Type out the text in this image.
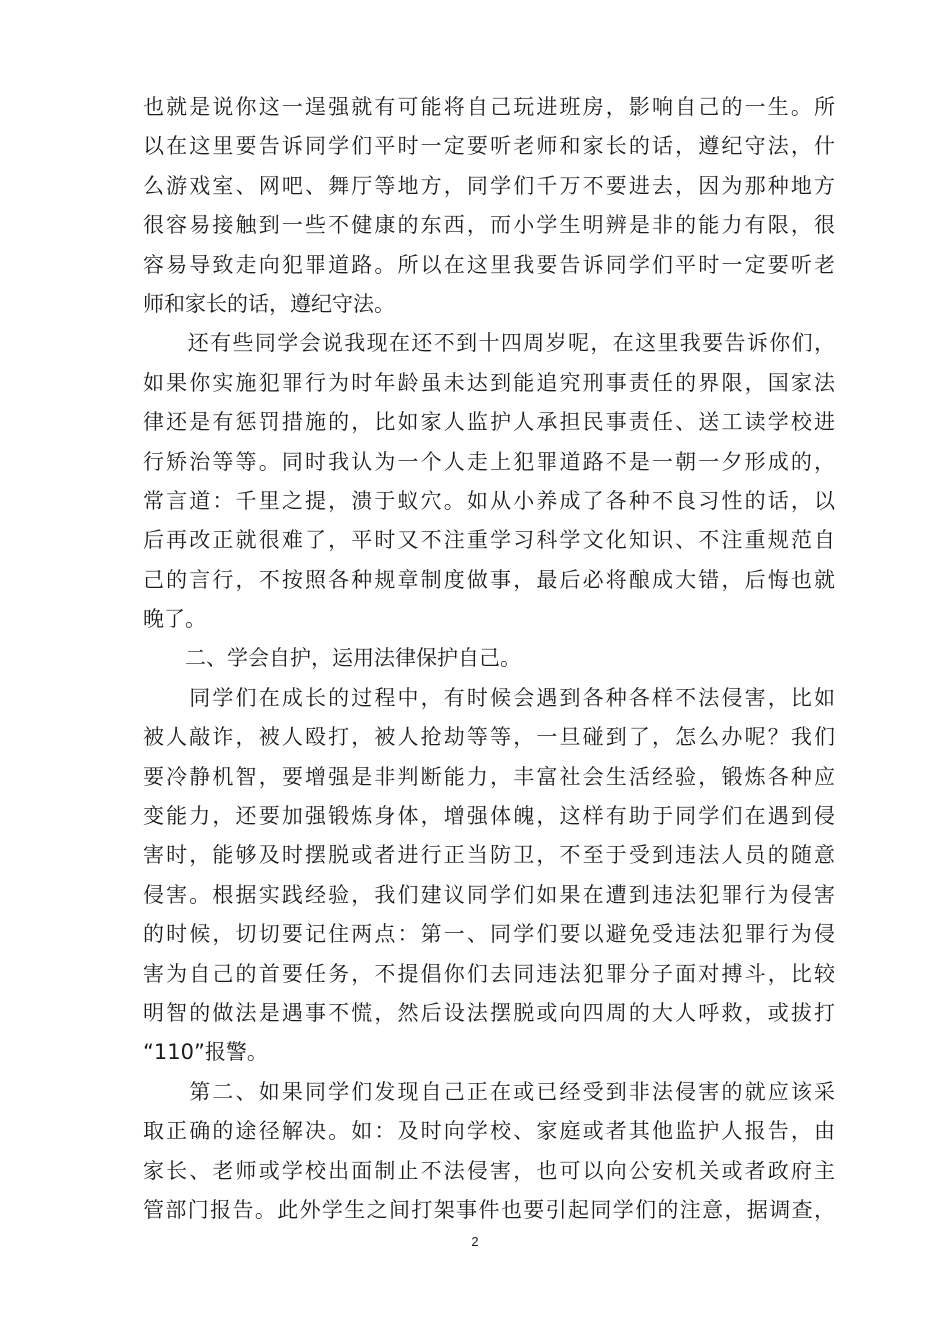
也就是说你这一逞强就有可能将自己玩进班房，影响自己的一生。所
以在这里要告诉同学们平时一定要听老师和家长的话，遵纪守法，什
么游戏室、网吧、舞厅等地方，同学们千万不要进去，因为那种地方
很容易接触到一些不健康的东西，而小学生明辨是非的能力有限，很
容易导致走向犯罪道路。所以在这里我要告诉同学们平时一定要听老
师和家长的话，遵纪守法。
　　还有些同学会说我现在还不到十四周岁呢，在这里我要告诉你们，
如果你实施犯罪行为时年龄虽未达到能追究刑事责任的界限，国家法
律还是有惩罚措施的，比如家人监护人承担民事责任、送工读学校进
行矫治等等。同时我认为一个人走上犯罪道路不是一朝一夕形成的，
常言道：千里之提，溃于蚁穴。如从小养成了各种不良习性的话，以
后再改正就很难了，平时又不注重学习科学文化知识、不注重规范自
己的言行，不按照各种规章制度做事，最后必将酿成大错，后悔也就
晚了。
　　二、学会自护，运用法律保护自己。
　　同学们在成长的过程中，有时候会遇到各种各样不法侵害，比如
被人敲诈，被人殴打，被人抢劫等等，一旦碰到了，怎么办呢？我们
要冷静机智，要增强是非判断能力，丰富社会生活经验，锻炼各种应
变能力，还要加强锻炼身体，增强体魄，这样有助于同学们在遇到侵
害时，能够及时摆脱或者进行正当防卫，不至于受到违法人员的随意
侵害。根据实践经验，我们建议同学们如果在遭到违法犯罪行为侵害
的时候，切切要记住两点：第一、同学们要以避免受违法犯罪行为侵
害为自己的首要任务，不提倡你们去同违法犯罪分子面对搏斗，比较
明智的做法是遇事不慌，然后设法摆脱或向四周的大人呼救，或拔打
“110”报警。
　　第二、如果同学们发现自己正在或已经受到非法侵害的就应该采
取正确的途径解决。如：及时向学校、家庭或者其他监护人报告，由
家长、老师或学校出面制止不法侵害，也可以向公安机关或者政府主
管部门报告。此外学生之间打架事件也要引起同学们的注意，据调查，
2
